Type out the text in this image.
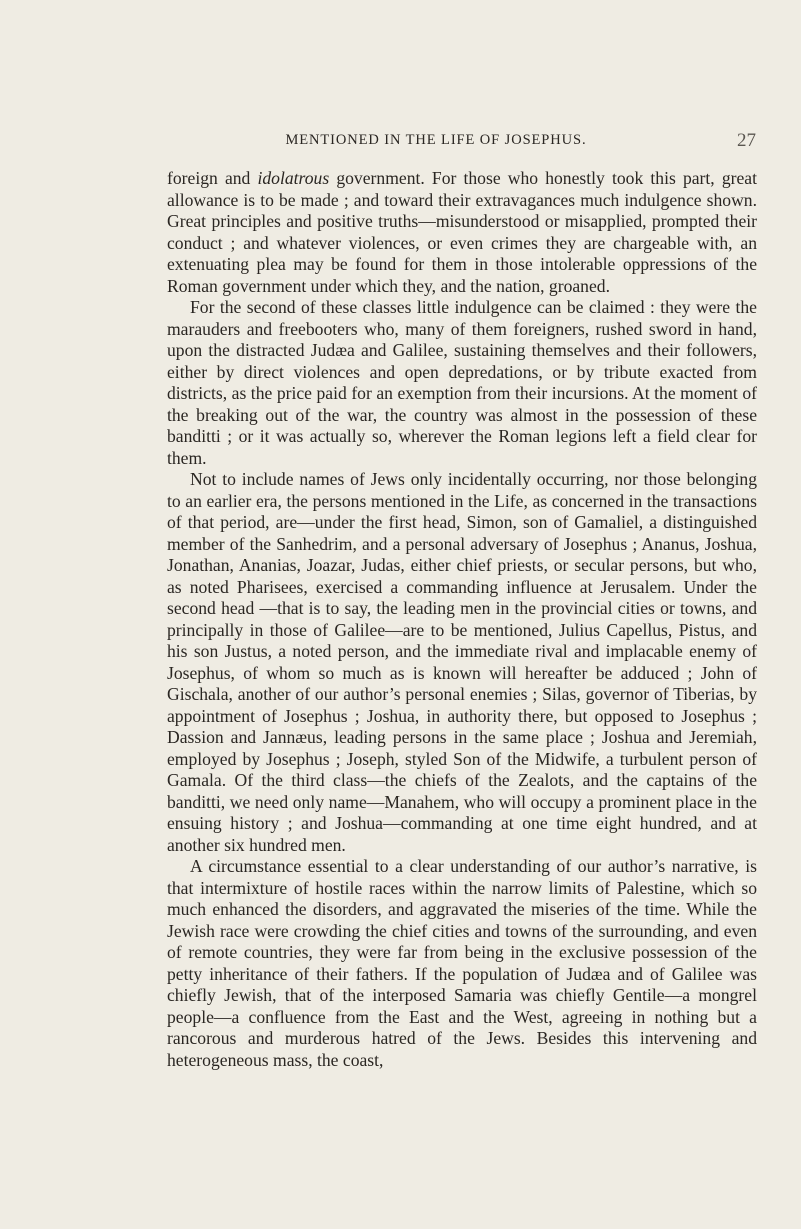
MENTIONED IN THE LIFE OF JOSEPHUS.	27

foreign and idolatrous government. For those who honestly took this part, great allowance is to be made ; and toward their extravagances much indulgence shown. Great principles and positive truths—misunderstood or misapplied, prompted their conduct ; and whatever violences, or even crimes they are chargeable with, an extenuating plea may be found for them in those intolerable oppressions of the Roman government under which they, and the nation, groaned.

For the second of these classes little indulgence can be claimed : they were the marauders and freebooters who, many of them foreigners, rushed sword in hand, upon the distracted Judæa and Galilee, sustaining themselves and their followers, either by direct violences and open depredations, or by tribute exacted from districts, as the price paid for an exemption from their incursions. At the moment of the breaking out of the war, the country was almost in the possession of these banditti ; or it was actually so, wherever the Roman legions left a field clear for them.

Not to include names of Jews only incidentally occurring, nor those belonging to an earlier era, the persons mentioned in the Life, as concerned in the transactions of that period, are—under the first head, Simon, son of Gamaliel, a distinguished member of the Sanhedrim, and a personal adversary of Josephus ; Ananus, Joshua, Jonathan, Ananias, Joazar, Judas, either chief priests, or secular persons, but who, as noted Pharisees, exercised a commanding influence at Jerusalem. Under the second head —that is to say, the leading men in the provincial cities or towns, and principally in those of Galilee—are to be mentioned, Julius Capellus, Pistus, and his son Justus, a noted person, and the immediate rival and implacable enemy of Josephus, of whom so much as is known will hereafter be adduced ; John of Gischala, another of our author’s personal enemies ; Silas, governor of Tiberias, by appointment of Josephus ; Joshua, in authority there, but opposed to Josephus ; Dassion and Jannæus, leading persons in the same place ; Joshua and Jeremiah, employed by Josephus ; Joseph, styled Son of the Midwife, a turbulent person of Gamala. Of the third class—the chiefs of the Zealots, and the captains of the banditti, we need only name—Manahem, who will occupy a prominent place in the ensuing history ; and Joshua—commanding at one time eight hundred, and at another six hundred men.

A circumstance essential to a clear understanding of our author’s narrative, is that intermixture of hostile races within the narrow limits of Palestine, which so much enhanced the disorders, and aggravated the miseries of the time. While the Jewish race were crowding the chief cities and towns of the surrounding, and even of remote countries, they were far from being in the exclusive possession of the petty inheritance of their fathers. If the population of Judæa and of Galilee was chiefly Jewish, that of the interposed Samaria was chiefly Gentile—a mongrel people—a confluence from the East and the West, agreeing in nothing but a rancorous and murderous hatred of the Jews. Besides this intervening and heterogeneous mass, the coast,
